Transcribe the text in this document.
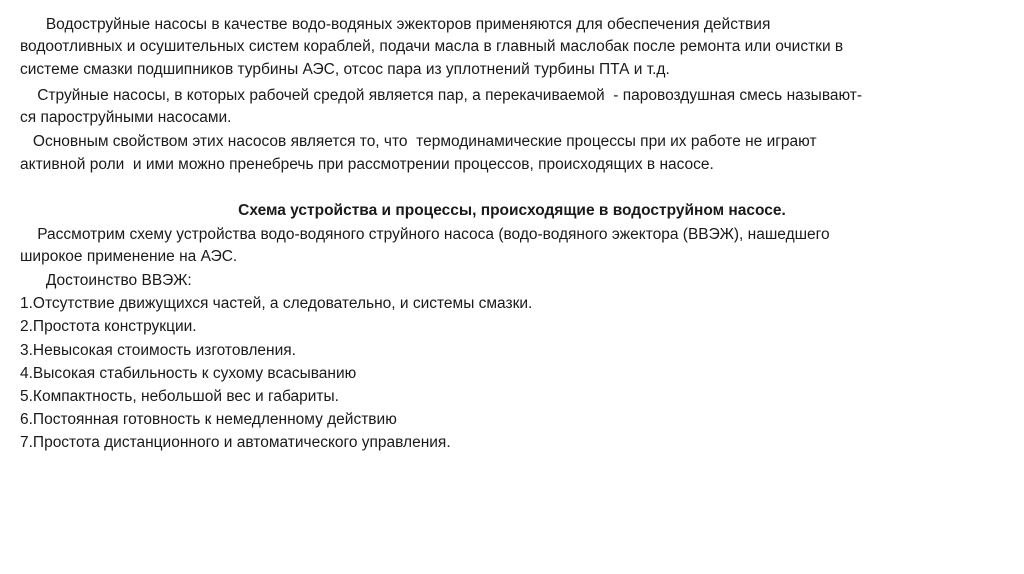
Водоструйные насосы в качестве водо-водяных эжекторов применяются для обеспечения действия

водоотливных и осушительных систем кораблей, подачи масла в главный маслобак после ремонта или очистки в

системе смазки подшипников турбины АЭС, отсос пара из уплотнений турбины ПТА и т.д.

Струйные насосы, в которых рабочей средой является пар, а перекачиваемой  - паровоздушная смесь называют-

ся пароструйными насосами.

Основным свойством этих насосов является то, что  термодинамические процессы при их работе не играют

активной роли  и ими можно пренебречь при рассмотрении процессов, происходящих в насосе.

Схема устройства и процессы, происходящие в водоструйном насосе.

Рассмотрим схему устройства водо-водяного струйного насоса (водо-водяного эжектора (ВВЭЖ), нашедшего

широкое применение на АЭС.

Достоинство ВВЭЖ:

1.Отсутствие движущихся частей, а следовательно, и системы смазки.

2.Простота конструкции.

3.Невысокая стоимость изготовления.

4.Высокая стабильность к сухому всасыванию

5.Компактность, небольшой вес и габариты.

6.Постоянная готовность к немедленному действию

7.Простота дистанционного и автоматического управления.
